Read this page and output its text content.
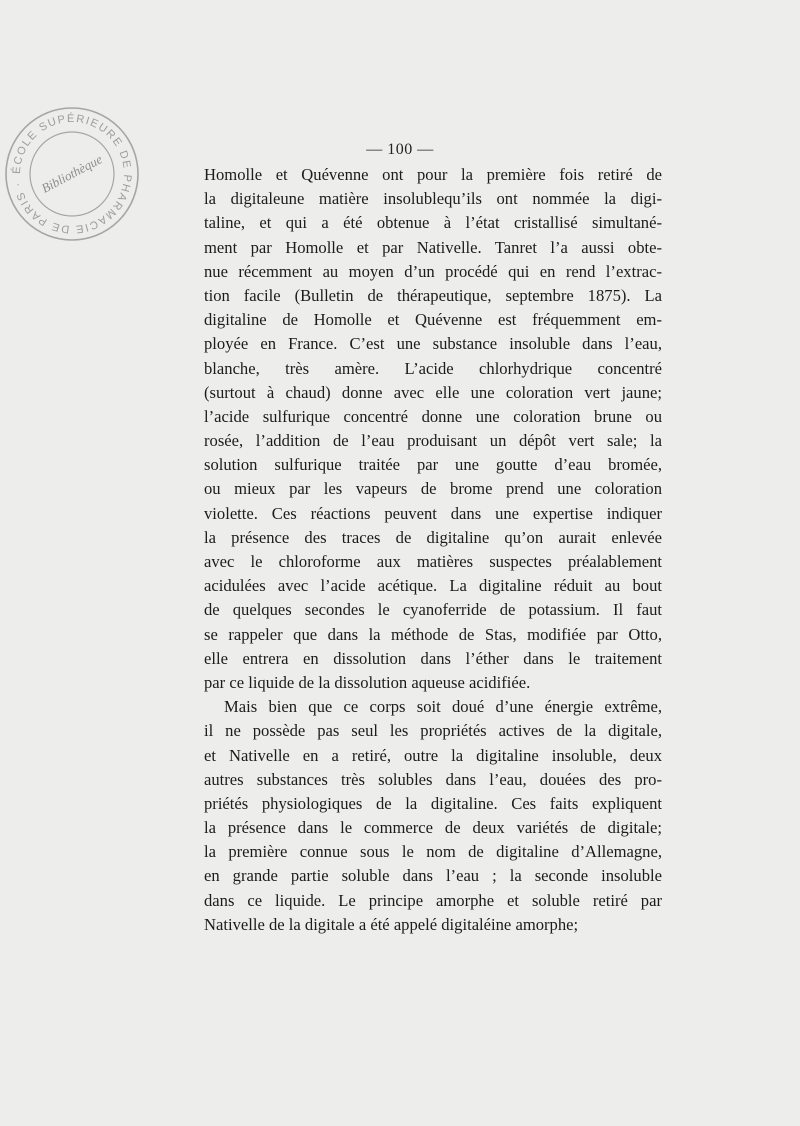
ÉCOLE SUPÉRIEURE DE PHARMACIE DE PARIS ·	Bibliothèque
— 100 —
Homolle et Quévenne ont pour la première fois retiré de
la digitaleune matière insolublequ’ils ont nommée la digi-
taline, et qui a été obtenue à l’état cristallisé simultané-
ment par Homolle et par Nativelle. Tanret l’a aussi obte-
nue récemment au moyen d’un procédé qui en rend l’extrac-
tion facile (Bulletin de thérapeutique, septembre 1875). La
digitaline de Homolle et Quévenne est fréquemment em-
ployée en France. C’est une substance insoluble dans l’eau,
blanche, très amère. L’acide chlorhydrique concentré
(surtout à chaud) donne avec elle une coloration vert jaune;
l’acide sulfurique concentré donne une coloration brune ou
rosée, l’addition de l’eau produisant un dépôt vert sale; la
solution sulfurique traitée par une goutte d’eau bromée,
ou mieux par les vapeurs de brome prend une coloration
violette. Ces réactions peuvent dans une expertise indiquer
la présence des traces de digitaline qu’on aurait enlevée
avec le chloroforme aux matières suspectes préalablement
acidulées avec l’acide acétique. La digitaline réduit au bout
de quelques secondes le cyanoferride de potassium. Il faut
se rappeler que dans la méthode de Stas, modifiée par Otto,
elle entrera en dissolution dans l’éther dans le traitement
par ce liquide de la dissolution aqueuse acidifiée.
Mais bien que ce corps soit doué d’une énergie extrême,
il ne possède pas seul les propriétés actives de la digitale,
et Nativelle en a retiré, outre la digitaline insoluble, deux
autres substances très solubles dans l’eau, douées des pro-
priétés physiologiques de la digitaline. Ces faits expliquent
la présence dans le commerce de deux variétés de digitale;
la première connue sous le nom de digitaline d’Allemagne,
en grande partie soluble dans l’eau ; la seconde insoluble
dans ce liquide. Le principe amorphe et soluble retiré par
Nativelle de la digitale a été appelé digitaléine amorphe;
